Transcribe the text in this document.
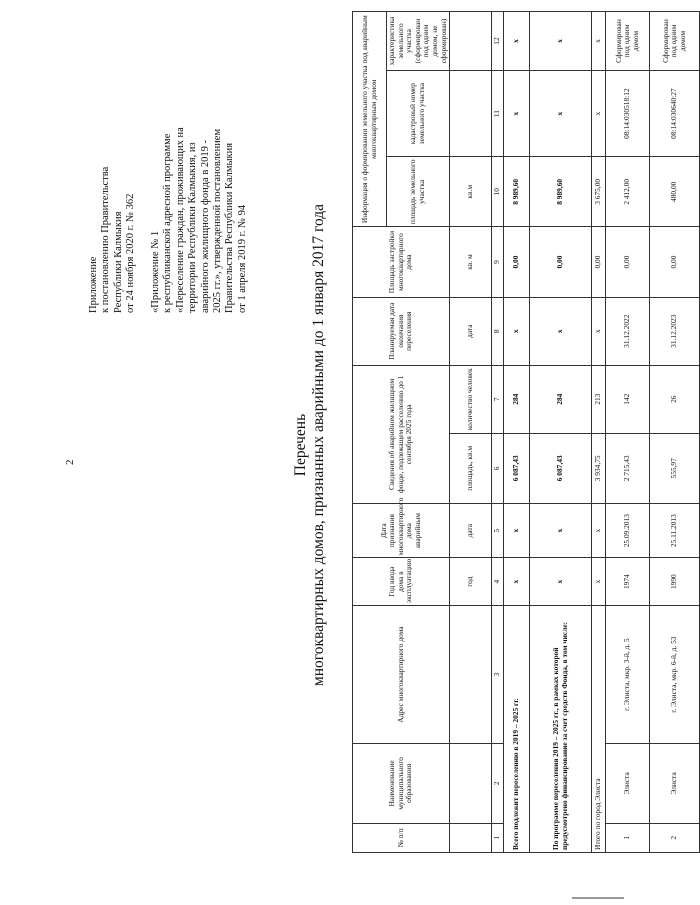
2
Приложение к постановлению Правительства Республики Калмыкия от 24 ноября 2020 г. № 362
«Приложение № 1 к республиканской адресной программе «Переселение граждан, проживающих на территории Республики Калмыкия, из аварийного жилищного фонда в 2019 - 2025 гг.», утвержденной постановлением Правительства Республики Калмыкия от 1 апреля 2019 г. № 94
Перечень многоквартирных домов, признанных аварийными до 1 января 2017 года
№ п/п	Наименование муниципального образования	Адрес многоквартирного дома	Год ввода дома в эксплуатацию	Дата признания многоквартирного дома аварийным	Сведения об аварийном жилищном фонде, подлежащем расселению до 1 сентября 2025 года		Планируемая дата окончания переселения	Площадь застройки многоквартирного дома	Информация о формировании земельного участка под аварийным многоквартирным домом		
									площадь земельного участка	кадастровый номер земельного участка	характеристика земельного участка (сформирован под одним домом, не сформирован)
			год	дата	площадь, кв.м	количество человек	дата	кв. м	кв.м		
1	2	3	4	5	6	7	8	9	10	11	12
Всего подлежит переселению в 2019 – 2025 гг.			х	х	6 087,43	284	х	0,00	8 989,60	х	х
По программе переселения 2019 – 2025 гг., в рамках которой предусмотрено финансирование за счет средств Фонда, в том числе:			х	х	6 087,43	284	х	0,00	8 989,60	х	х
Итого по город Элиста			х	х	3 934,75	213	х	0,00	3 675,00	х	х
1	Элиста	г. Элиста, мкр. 3-й, д. 5	1974	25.09.2013	2 715,43	142	31.12.2022	0,00	2 412,00	08:14:030518:12	Сформирован под одним домом
2	Элиста	г. Элиста, мкр. 6-й, д. 53	1990	25.11.2013	555,97	26	31.12.2023	0,00	480,00	08:14:030640:27	Сформирован под одним домом
